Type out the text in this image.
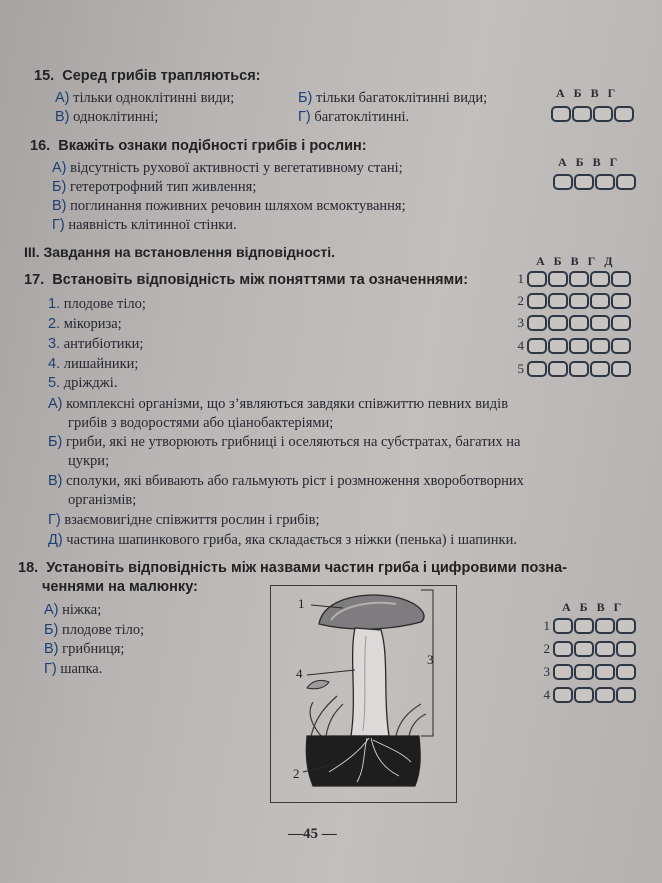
15. Серед грибів трапляються:
А) тільки одноклітинні види;	Б) тільки багатоклітинні види;
В) одноклітинні;	Г) багатоклітинні.
А Б В Г
16. Вкажіть ознаки подібності грибів і рослин:
А) відсутність рухової активності у вегетативному стані;
Б) гетеротрофний тип живлення;
В) поглинання поживних речовин шляхом всмоктування;
Г) наявність клітинної стінки.
А Б В Г
III. Завдання на встановлення відповідності.
17. Встановіть відповідність між поняттями та означеннями:
1. плодове тіло;
2. мікориза;
3. антибіотики;
4. лишайники;
5. дріжджі.
А) комплексні організми, що з’являються завдяки співжиттю певних видів
грибів з водоростями або ціанобактеріями;
Б) гриби, які не утворюють грибниці і оселяються на субстратах, багатих на
цукри;
В) сполуки, які вбивають або гальмують ріст і розмноження хвороботворних
організмів;
Г) взаємовигідне співжиття рослин і грибів;
Д) частина шапинкового гриба, яка складається з ніжки (пенька) і шапинки.
А Б В Г Д
1
2
3
4
5
18. Установіть відповідність між назвами частин гриба і цифровими позна-
ченнями на малюнку:
А) ніжка;
Б) плодове тіло;
В) грибниця;
Г) шапка.
1
2
3
4
А Б В Г
1
2
3
4
—45 —
